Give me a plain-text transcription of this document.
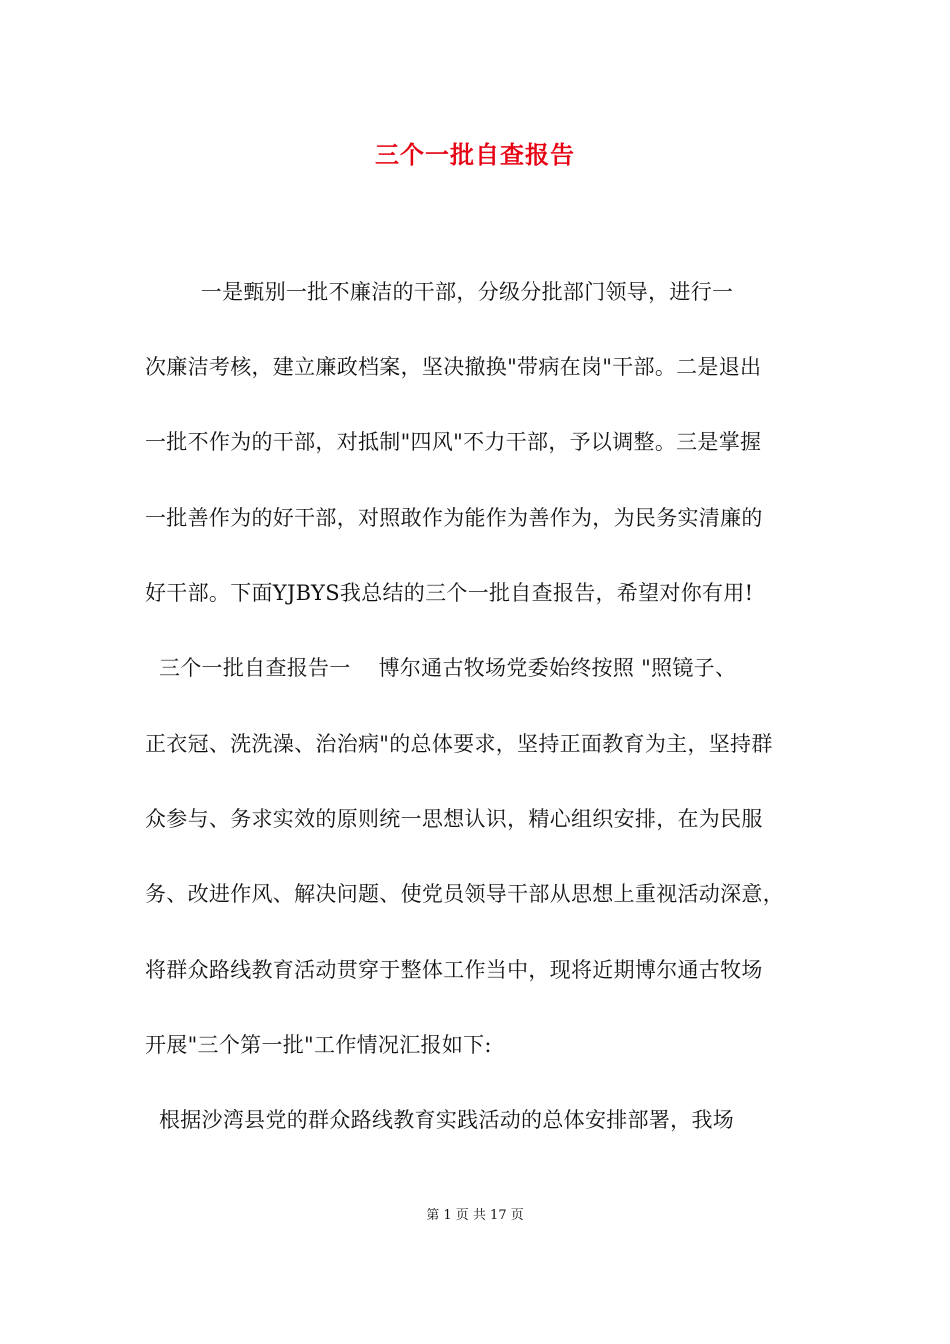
三个一批自查报告
一是甄别一批不廉洁的干部，分级分批部门领导，进行一
次廉洁考核，建立廉政档案，坚决撤换"带病在岗"干部。二是退出
一批不作为的干部，对抵制"四风"不力干部，予以调整。三是掌握
一批善作为的好干部，对照敢作为能作为善作为，为民务实清廉的
好干部。下面YJBYS我总结的三个一批自查报告，希望对你有用!
三个一批自查报告一    博尔通古牧场党委始终按照 "照镜子、
正衣冠、洗洗澡、治治病"的总体要求，坚持正面教育为主，坚持群
众参与、务求实效的原则统一思想认识，精心组织安排，在为民服
务、改进作风、解决问题、使党员领导干部从思想上重视活动深意，
将群众路线教育活动贯穿于整体工作当中，现将近期博尔通古牧场
开展"三个第一批"工作情况汇报如下:
根据沙湾县党的群众路线教育实践活动的总体安排部署，我场
第 1 页 共 17 页
